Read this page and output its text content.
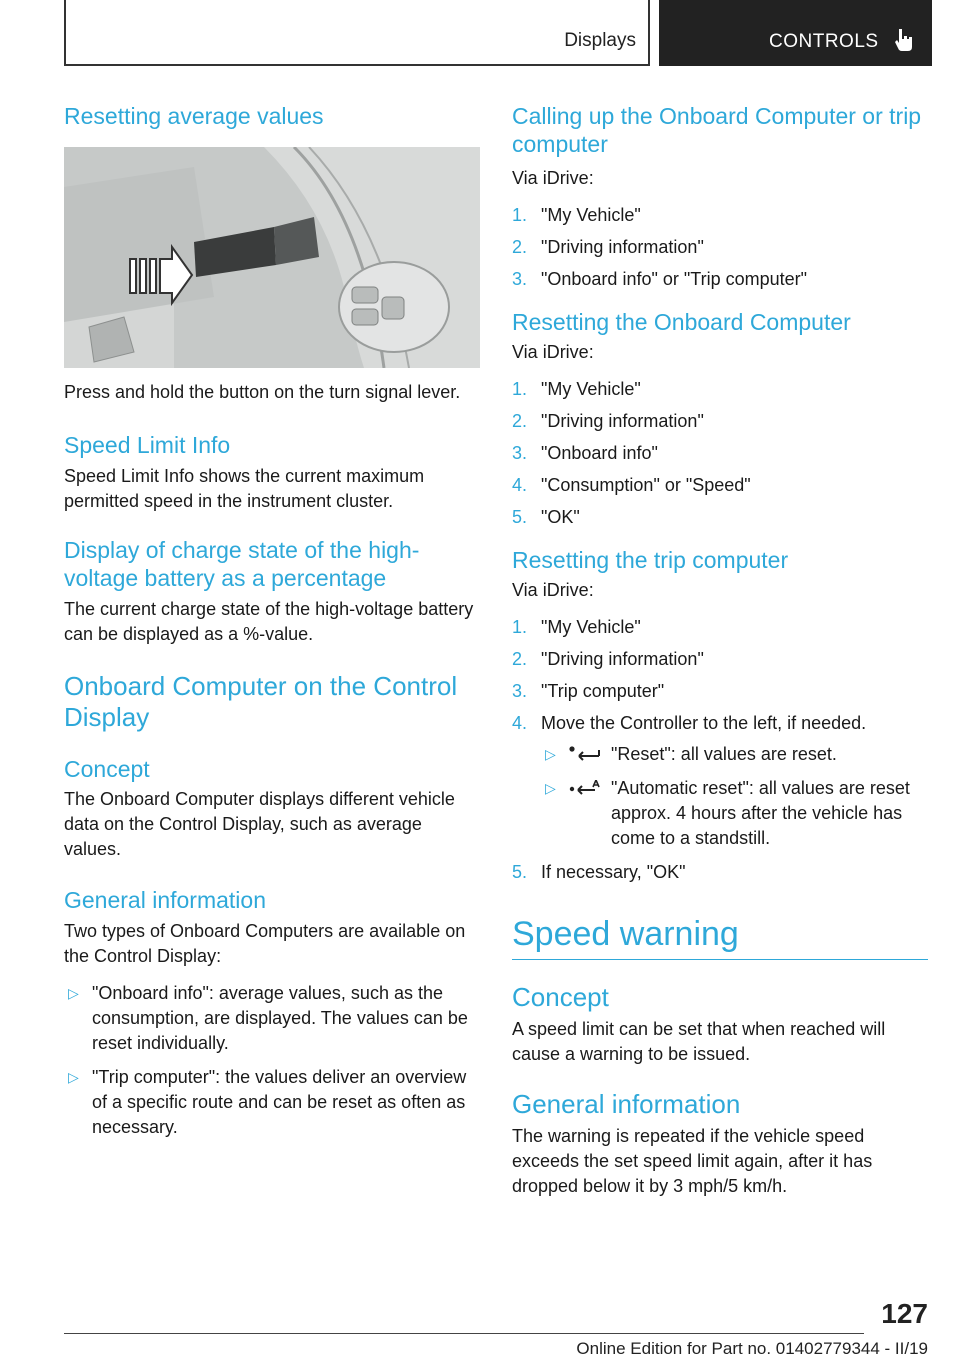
Displays	CONTROLS
Resetting average values
Press and hold the button on the turn signal lever.
Speed Limit Info
Speed Limit Info shows the current maximum permitted speed in the instrument cluster.
Display of charge state of the high-voltage battery as a percentage
The current charge state of the high-voltage battery can be displayed as a %-value.
Onboard Computer on the Control Display
Concept
The Onboard Computer displays different vehicle data on the Control Display, such as average values.
General information
Two types of Onboard Computers are available on the Control Display:
▷ "Onboard info": average values, such as the consumption, are displayed. The values can be reset individually.
▷ "Trip computer": the values deliver an overview of a specific route and can be reset as often as necessary.
Calling up the Onboard Computer or trip computer
Via iDrive:
1. "My Vehicle"
2. "Driving information"
3. "Onboard info" or "Trip computer"
Resetting the Onboard Computer
Via iDrive:
1. "My Vehicle"
2. "Driving information"
3. "Onboard info"
4. "Consumption" or "Speed"
5. "OK"
Resetting the trip computer
Via iDrive:
1. "My Vehicle"
2. "Driving information"
3. "Trip computer"
4. Move the Controller to the left, if needed.
▷	"Reset": all values are reset.
▷	"Automatic reset": all values are reset approx. 4 hours after the vehicle has come to a standstill.
5. If necessary, "OK"
Speed warning
Concept
A speed limit can be set that when reached will cause a warning to be issued.
General information
The warning is repeated if the vehicle speed exceeds the set speed limit again, after it has dropped below it by 3 mph/5 km/h.
127
Online Edition for Part no. 01402779344 - II/19
